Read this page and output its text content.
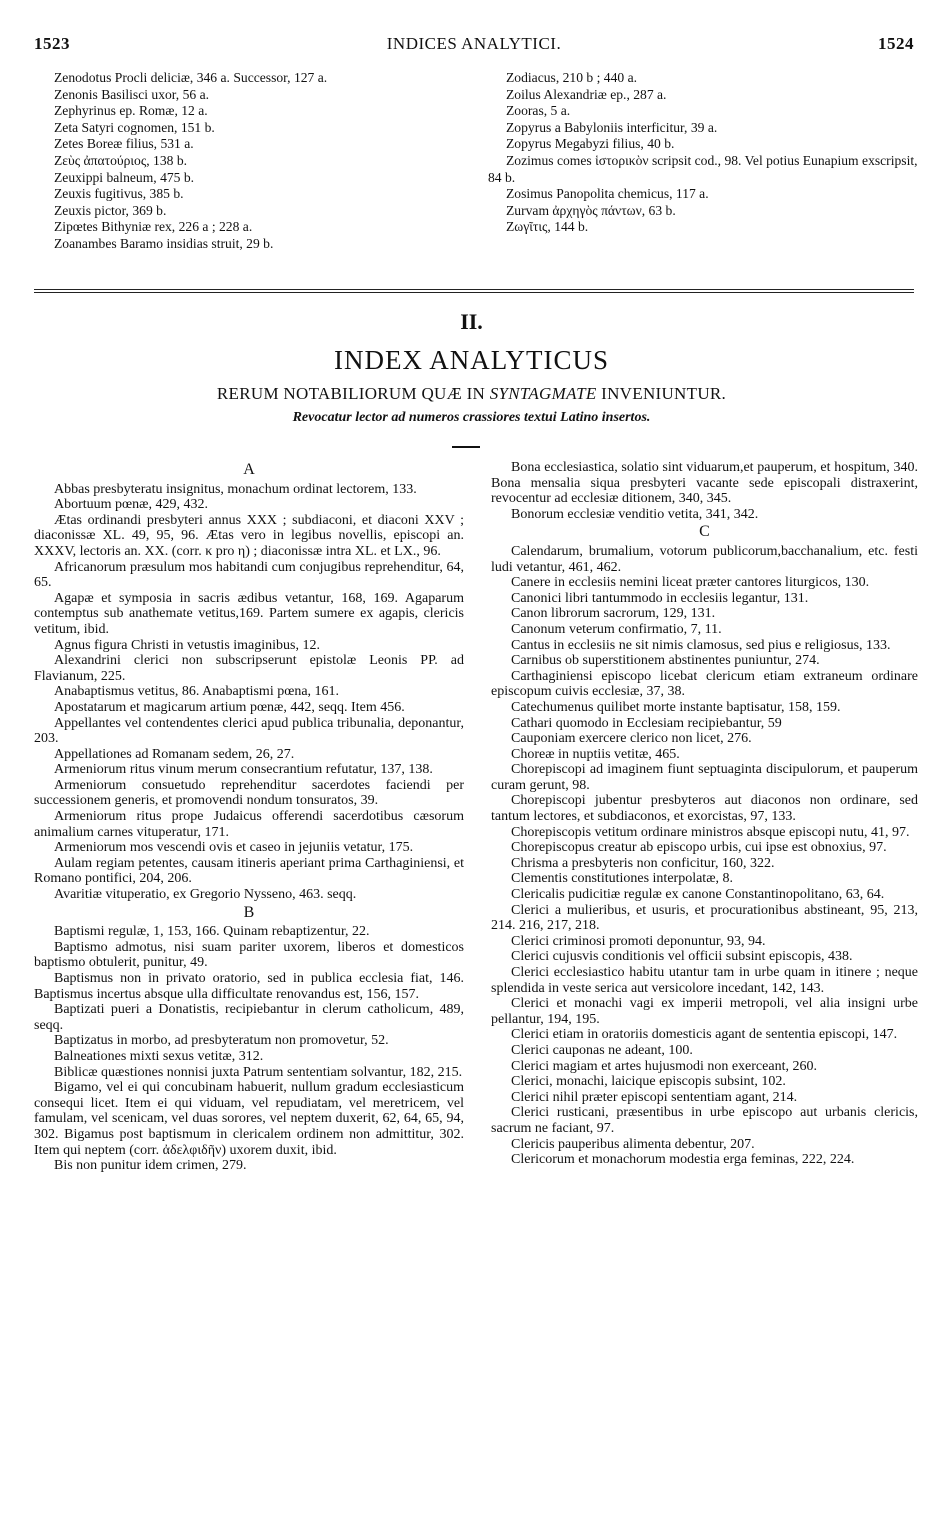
1523	INDICES ANALYTICI.	1524
Zenodotus Procli deliciæ, 346 a. Successor, 127 a.
Zenonis Basilisci uxor, 56 a.
Zephyrinus ep. Romæ, 12 a.
Zeta Satyri cognomen, 151 b.
Zetes Boreæ filius, 531 a.
Ζεὺς ἀπατούριος, 138 b.
Zeuxippi balneum, 475 b.
Zeuxis fugitivus, 385 b.
Zeuxis pictor, 369 b.
Zipœtes Bithyniæ rex, 226 a ; 228 a.
Zoanambes Baramo insidias struit, 29 b.
Zodiacus, 210 b ; 440 a.
Zoilus Alexandriæ ep., 287 a.
Zooras, 5 a.
Zopyrus a Babyloniis interficitur, 39 a.
Zopyrus Megabyzi filius, 40 b.
Zozimus comes ἱστορικὸν scripsit cod., 98. Vel potius Eunapium exscripsit, 84 b.
Zosimus Panopolita chemicus, 117 a.
Zurvam ἀρχηγὸς πάντων, 63 b.
Ζωγῖτις, 144 b.
II.
INDEX ANALYTICUS
RERUM NOTABILIORUM QUÆ IN SYNTAGMATE INVENIUNTUR.
Revocatur lector ad numeros crassiores textui Latino insertos.

A

Abbas presbyteratu insignitus, monachum ordinat lectorem, 133.

Abortuum pœnæ, 429, 432.

Ætas ordinandi presbyteri annus XXX ; subdiaconi, et diaconi XXV ; diaconissæ XL. 49, 95, 96. Ætas vero in legibus novellis, episcopi an. XXXV, lectoris an. XX. (corr. κ pro η) ; diaconissæ intra XL. et LX., 96.

Africanorum præsulum mos habitandi cum conjugibus reprehenditur, 64, 65.

Agapæ et symposia in sacris ædibus vetantur, 168, 169. Agaparum contemptus sub anathemate vetitus,169. Partem sumere ex agapis, clericis vetitum, ibid.

Agnus figura Christi in vetustis imaginibus, 12.

Alexandrini clerici non subscripserunt epistolæ Leonis PP. ad Flavianum, 225.

Anabaptismus vetitus, 86. Anabaptismi pœna, 161.

Apostatarum et magicarum artium pœnæ, 442, seqq. Item 456.

Appellantes vel contendentes clerici apud publica tribunalia, deponantur, 203.

Appellationes ad Romanam sedem, 26, 27.

Armeniorum ritus vinum merum consecrantium refutatur, 137, 138.

Armeniorum consuetudo reprehenditur sacerdotes faciendi per successionem generis, et promovendi nondum tonsuratos, 39.

Armeniorum ritus prope Judaicus offerendi sacerdotibus cæsorum animalium carnes vituperatur, 171.

Armeniorum mos vescendi ovis et caseo in jejuniis vetatur, 175.

Aulam regiam petentes, causam itineris aperiant prima Carthaginiensi, et Romano pontifici, 204, 206.

Avaritiæ vituperatio, ex Gregorio Nysseno, 463. seqq.

B

Baptismi regulæ, 1, 153, 166. Quinam rebaptizentur, 22.

Baptismo admotus, nisi suam pariter uxorem, liberos et domesticos baptismo obtulerit, punitur, 49.

Baptismus non in privato oratorio, sed in publica ecclesia fiat, 146. Baptismus incertus absque ulla difficultate renovandus est, 156, 157.

Baptizati pueri a Donatistis, recipiebantur in clerum catholicum, 489, seqq.

Baptizatus in morbo, ad presbyteratum non promovetur, 52.

Balneationes mixti sexus vetitæ, 312.

Biblicæ quæstiones nonnisi juxta Patrum sententiam solvantur, 182, 215.

Bigamo, vel ei qui concubinam habuerit, nullum gradum ecclesiasticum consequi licet. Item ei qui viduam, vel repudiatam, vel meretricem, vel famulam, vel scenicam, vel duas sorores, vel neptem duxerit, 62, 64, 65, 94, 302. Bigamus post baptismum in clericalem ordinem non admittitur, 302. Item qui neptem (corr. ἀδελφιδῆν) uxorem duxit, ibid.

Bis non punitur idem crimen, 279.

Bona ecclesiastica, solatio sint viduarum,et pauperum, et hospitum, 340. Bona mensalia siqua presbyteri vacante sede episcopali distraxerint, revocentur ad ecclesiæ ditionem, 340, 345.

Bonorum ecclesiæ venditio vetita, 341, 342.

C

Calendarum, brumalium, votorum publicorum,bacchanalium, etc. festi ludi vetantur, 461, 462.

Canere in ecclesiis nemini liceat præter cantores liturgicos, 130.

Canonici libri tantummodo in ecclesiis legantur, 131.

Canon librorum sacrorum, 129, 131.

Canonum veterum confirmatio, 7, 11.

Cantus in ecclesiis ne sit nimis clamosus, sed pius e religiosus, 133.

Carnibus ob superstitionem abstinentes puniuntur, 274.

Carthaginiensi episcopo licebat clericum etiam extraneum ordinare episcopum cuivis ecclesiæ, 37, 38.

Catechumenus quilibet morte instante baptisatur, 158, 159.

Cathari quomodo in Ecclesiam recipiebantur, 59

Cauponiam exercere clerico non licet, 276.

Choreæ in nuptiis vetitæ, 465.

Chorepiscopi ad imaginem fiunt septuaginta discipulorum, et pauperum curam gerunt, 98.

Chorepiscopi jubentur presbyteros aut diaconos non ordinare, sed tantum lectores, et subdiaconos, et exorcistas, 97, 133.

Chorepiscopis vetitum ordinare ministros absque episcopi nutu, 41, 97.

Chorepiscopus creatur ab episcopo urbis, cui ipse est obnoxius, 97.

Chrisma a presbyteris non conficitur, 160, 322.

Clementis constitutiones interpolatæ, 8.

Clericalis pudicitiæ regulæ ex canone Constantinopolitano, 63, 64.

Clerici a mulieribus, et usuris, et procurationibus abstineant, 95, 213, 214. 216, 217, 218.

Clerici criminosi promoti deponuntur, 93, 94.

Clerici cujusvis conditionis vel officii subsint episcopis, 438.

Clerici ecclesiastico habitu utantur tam in urbe quam in itinere ; neque splendida in veste serica aut versicolore incedant, 142, 143.

Clerici et monachi vagi ex imperii metropoli, vel alia insigni urbe pellantur, 194, 195.

Clerici etiam in oratoriis domesticis agant de sententia episcopi, 147.

Clerici cauponas ne adeant, 100.

Clerici magiam et artes hujusmodi non exerceant, 260.

Clerici, monachi, laicique episcopis subsint, 102.

Clerici nihil præter episcopi sententiam agant, 214.

Clerici rusticani, præsentibus in urbe episcopo aut urbanis clericis, sacrum ne faciant, 97.

Clericis pauperibus alimenta debentur, 207.

Clericorum et monachorum modestia erga feminas, 222, 224.
